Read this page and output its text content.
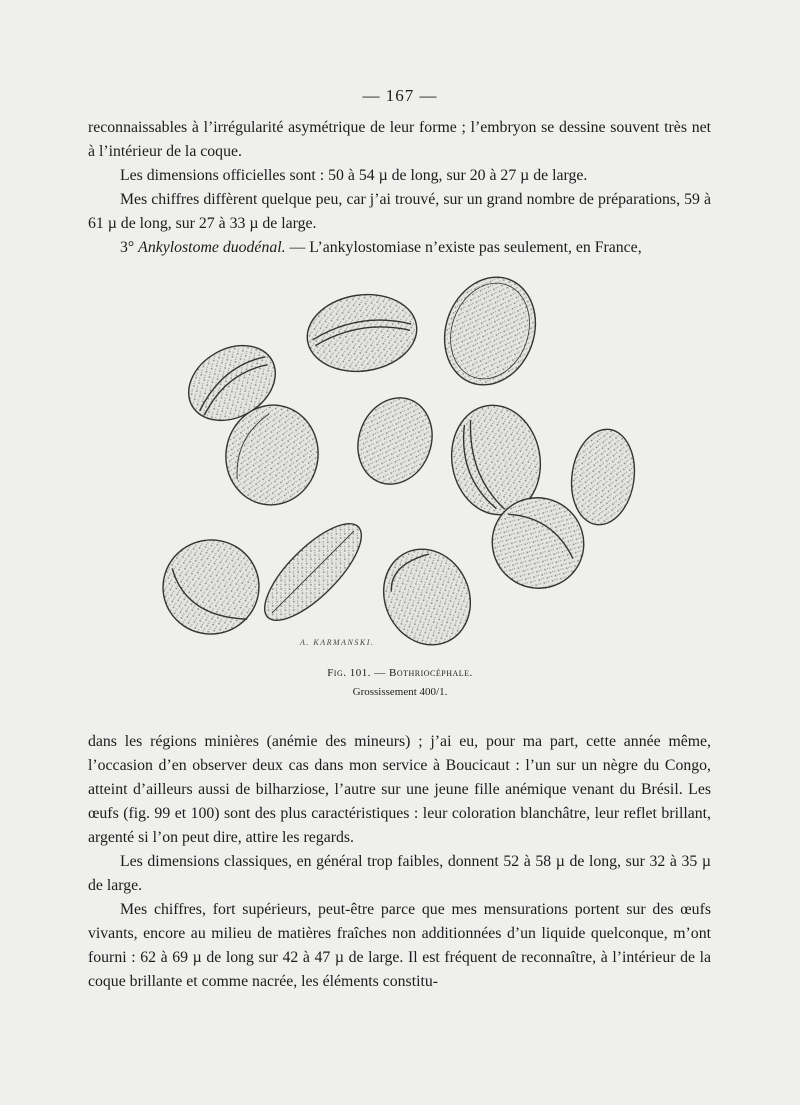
— 167 —

reconnaissables à l’irrégularité asymétrique de leur forme ; l’embryon se dessine souvent très net à l’intérieur de la coque.

Les dimensions officielles sont : 50 à 54 µ de long, sur 20 à 27 µ de large.

Mes chiffres diffèrent quelque peu, car j’ai trouvé, sur un grand nombre de préparations, 59 à 61 µ de long, sur 27 à 33 µ de large.

3° Ankylostome duodénal. — L’ankylostomiase n’existe pas seulement, en France,

A. KARMANSKI.
Fig. 101. — Bothriocéphale.
Grossissement 400/1.

dans les régions minières (anémie des mineurs) ; j’ai eu, pour ma part, cette année même, l’occasion d’en observer deux cas dans mon service à Boucicaut : l’un sur un nègre du Congo, atteint d’ailleurs aussi de bilharziose, l’autre sur une jeune fille anémique venant du Brésil. Les œufs (fig. 99 et 100) sont des plus caractéristiques : leur coloration blanchâtre, leur reflet brillant, argenté si l’on peut dire, attire les regards.

Les dimensions classiques, en général trop faibles, donnent 52 à 58 µ de long, sur 32 à 35 µ de large.

Mes chiffres, fort supérieurs, peut-être parce que mes mensurations portent sur des œufs vivants, encore au milieu de matières fraîches non additionnées d’un liquide quelconque, m’ont fourni : 62 à 69 µ de long sur 42 à 47 µ de large. Il est fréquent de reconnaître, à l’intérieur de la coque brillante et comme nacrée, les éléments constitu-
